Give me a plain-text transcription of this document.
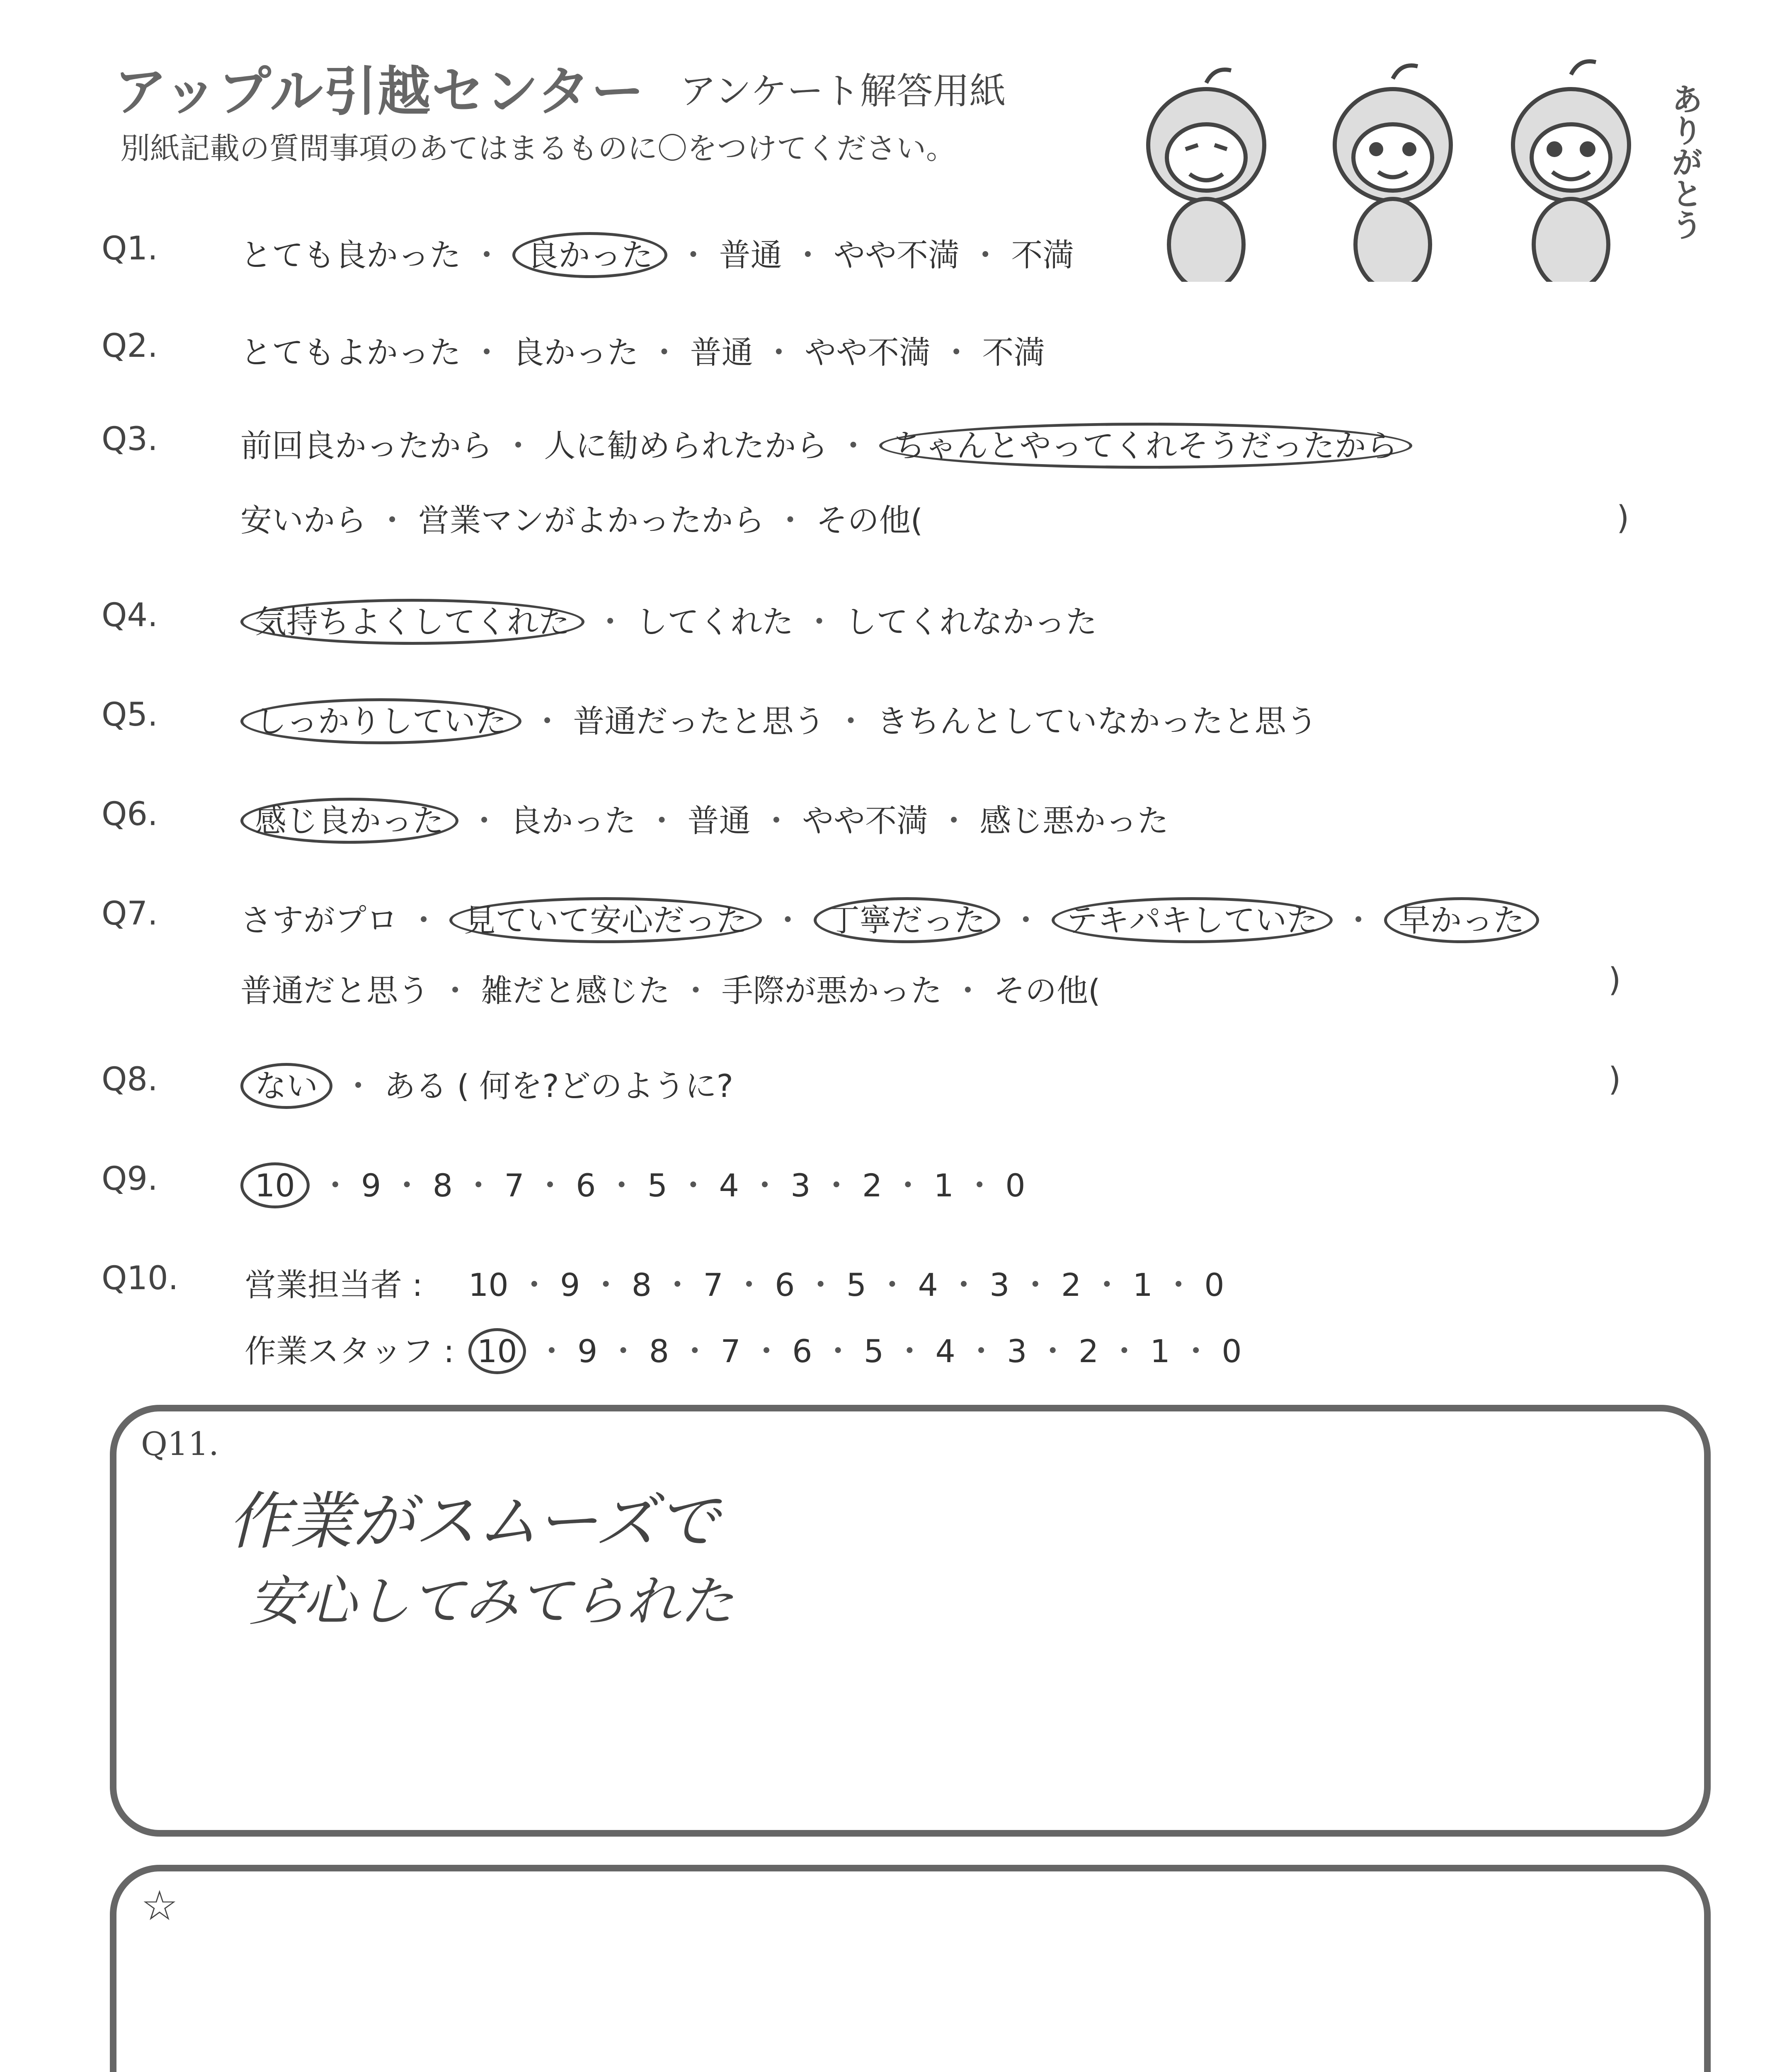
アップル引越センター アンケート解答用紙
別紙記載の質問事項のあてはまるものに〇をつけてください。	ありがとう
Q1.	とても良かった ・ 良かった ・ 普通 ・ やや不満 ・ 不満
Q2.	とてもよかった ・ 良かった ・ 普通 ・ やや不満 ・ 不満
Q3.	前回良かったから ・ 人に勧められたから ・ ちゃんとやってくれそうだったから
安いから ・ 営業マンがよかったから ・ その他(
Q4.	気持ちよくしてくれた ・ してくれた ・ してくれなかった
Q5.	しっかりしていた ・ 普通だったと思う ・ きちんとしていなかったと思う
Q6.	感じ良かった ・ 良かった ・ 普通 ・ やや不満 ・ 感じ悪かった
Q7.	さすがプロ ・ 見ていて安心だった ・ 丁寧だった ・ テキパキしていた ・ 早かった
普通だと思う ・ 雑だと感じた ・ 手際が悪かった ・ その他(
Q8.	ない ・ ある ( 何を?どのように?
Q9.	10 ・ 9 ・ 8 ・ 7 ・ 6 ・ 5 ・ 4 ・ 3 ・ 2 ・ 1 ・ 0
Q10. 営業担当者 : 10 ・ 9 ・ 8 ・ 7 ・ 6 ・ 5 ・ 4 ・ 3 ・ 2 ・ 1 ・ 0
作業スタッフ : 10 ・ 9 ・ 8 ・ 7 ・ 6 ・ 5 ・ 4 ・ 3 ・ 2 ・ 1 ・ 0
)
)
)
Q11.
作業がスムーズで
安心してみてられた
☆
